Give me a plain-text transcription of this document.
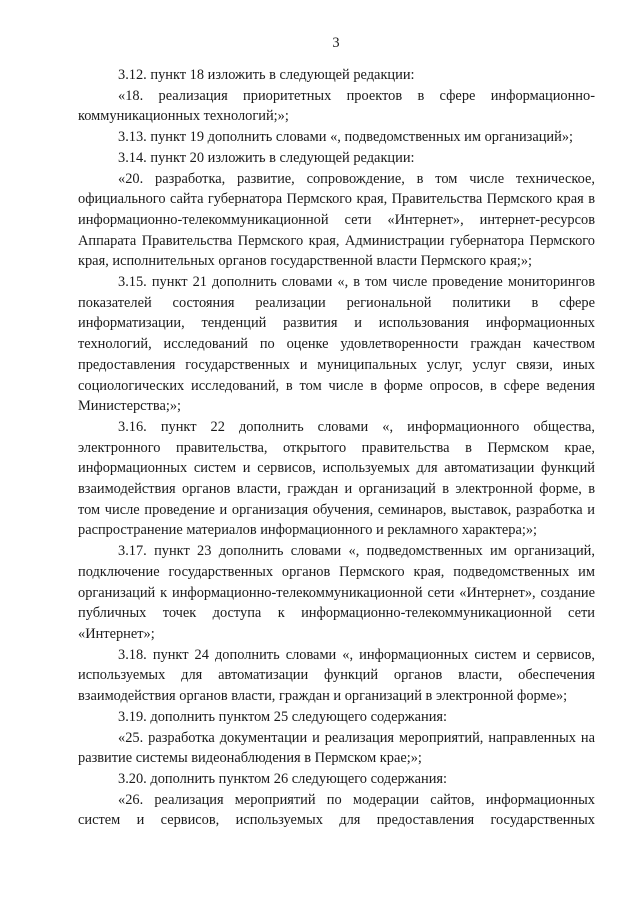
3

3.12. пункт 18 изложить в следующей редакции:

«18. реализация приоритетных проектов в сфере информационно-коммуникационных технологий;»;

3.13. пункт 19 дополнить словами «, подведомственных им организаций»;

3.14. пункт 20 изложить в следующей редакции:

«20. разработка, развитие, сопровождение, в том числе техническое, официального сайта губернатора Пермского края, Правительства Пермского края в информационно-телекоммуникационной сети «Интернет», интернет-ресурсов Аппарата Правительства Пермского края, Администрации губернатора Пермского края, исполнительных органов государственной власти Пермского края;»;

3.15. пункт 21 дополнить словами «, в том числе проведение мониторингов показателей состояния реализации региональной политики в сфере информатизации, тенденций развития и использования информационных технологий, исследований по оценке удовлетворенности граждан качеством предоставления государственных и муниципальных услуг, услуг связи, иных социологических исследований, в том числе в форме опросов, в сфере ведения Министерства;»;

3.16. пункт 22 дополнить словами «, информационного общества, электронного правительства, открытого правительства в Пермском крае, информационных систем и сервисов, используемых для автоматизации функций взаимодействия органов власти, граждан и организаций в электронной форме, в том числе проведение и организация обучения, семинаров, выставок, разработка и распространение материалов информационного и рекламного характера;»;

3.17. пункт 23 дополнить словами «, подведомственных им организаций, подключение государственных органов Пермского края, подведомственных им организаций к информационно-телекоммуникационной сети «Интернет», создание публичных точек доступа к информационно-телекоммуникационной сети «Интернет»;

3.18. пункт 24 дополнить словами «, информационных систем и сервисов, используемых для автоматизации функций органов власти, обеспечения взаимодействия органов власти, граждан и организаций в электронной форме»;

3.19. дополнить пунктом 25 следующего содержания:

«25. разработка документации и реализация мероприятий, направленных на развитие системы видеонаблюдения в Пермском крае;»;

3.20. дополнить пунктом 26 следующего содержания:

«26. реализация мероприятий по модерации сайтов, информационных систем и сервисов, используемых для предоставления государственных
